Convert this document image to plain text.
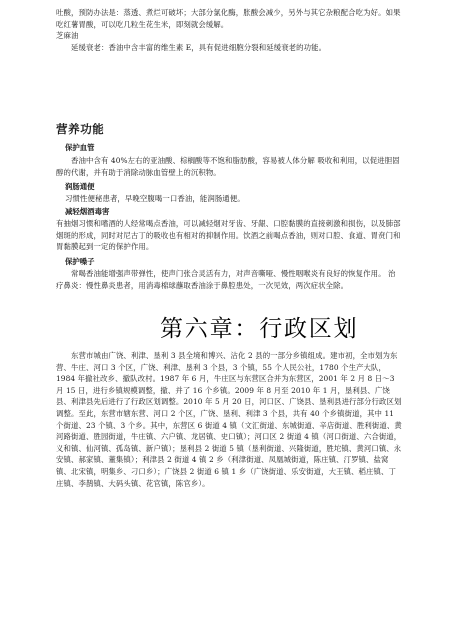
吐酸，预防办法是：蒸透、煮烂可破坏；大部分氯化酶，胀酸会减少，另外与其它杂粮配合吃为好。如果吃红薯胃酸，可以吃几粒生花生米，即刻就会缓解。

芝麻油

延缓衰老：香油中含丰富的维生素 E，具有促进细胞分裂和延缓衰老的功能。

营养功能
保护血管

香油中含有 40%左右的亚油酸、棕榈酸等不饱和脂肪酸，容易被人体分解 吸收和利用，以促进胆固醇的代谢，并有助于消除动脉血管壁上的沉积物。

润肠通便

习惯性便秘患者，早晚空腹喝一口香油，能润肠通便。

减轻烟酒毒害

有抽烟习惯和嗜酒的人经常喝点香油，可以减轻烟对牙齿、牙龈、口腔黏膜的直接刺激和损伤，以及肺部烟斑的形成，同时对尼古丁的吸收也有相对的抑制作用。饮酒之前喝点香油，则对口腔、食道、胃贲门和胃黏膜起到一定的保护作用。

保护嗓子

常喝香油能增强声带弹性，使声门张合灵活有力，对声音嘶哑、慢性咽喉炎有良好的恢复作用。 治疗鼻炎：慢性鼻炎患者，用消毒棉球蘸取香油涂于鼻腔患处，一次见效，两次症状全除。

第六章：行政区划

东营市城由广饶、利津、垦利 3 县全境和博兴、沾化 2 县的一部分乡镇组成。建市初，全市划为东营、牛庄、河口 3 个区，广饶、利津、垦利 3 个县，3 个镇，55 个人民公社，1780 个生产大队，1984 年撤社改乡、撤队改村。1987 年 6 月，牛庄区与东营区合并为东营区，2001 年 2 月 8 日～3 月 15 日，进行乡镇规模调整，撤、并了 16 个乡镇。2009 年 8 月至 2010 年 1 月，垦利县、广饶县、利津县先后进行了行政区划调整。2010 年 5 月 20 日，河口区、广饶县、垦利县进行部分行政区划调整。至此，东营市辖东营、河口 2 个区，广饶、垦利、利津 3 个县，共有 40 个乡镇街道，其中 11 个街道、23 个镇、3 个乡。其中，东营区 6 街道 4 镇（文汇街道、东城街道、辛店街道、胜利街道、黄河路街道、胜园街道，牛庄镇、六户镇、龙居镇、史口镇）；河口区 2 街道 4 镇（河口街道、六合街道，义和镇、仙河镇、孤岛镇、新户镇）；垦利县 2 街道 5 镇（垦利街道、兴隆街道，胜坨镇、黄河口镇、永安镇、郝家镇、董集镇）；利津县 2 街道 4 镇 2 乡（利津街道、凤凰城街道，陈庄镇、汀罗镇、盐窝镇、北宋镇，明集乡、刁口乡）；广饶县 2 街道 6 镇 1 乡（广饶街道、乐安街道，大王镇、稻庄镇、丁庄镇、李鹊镇、大码头镇、花官镇，陈官乡）。
